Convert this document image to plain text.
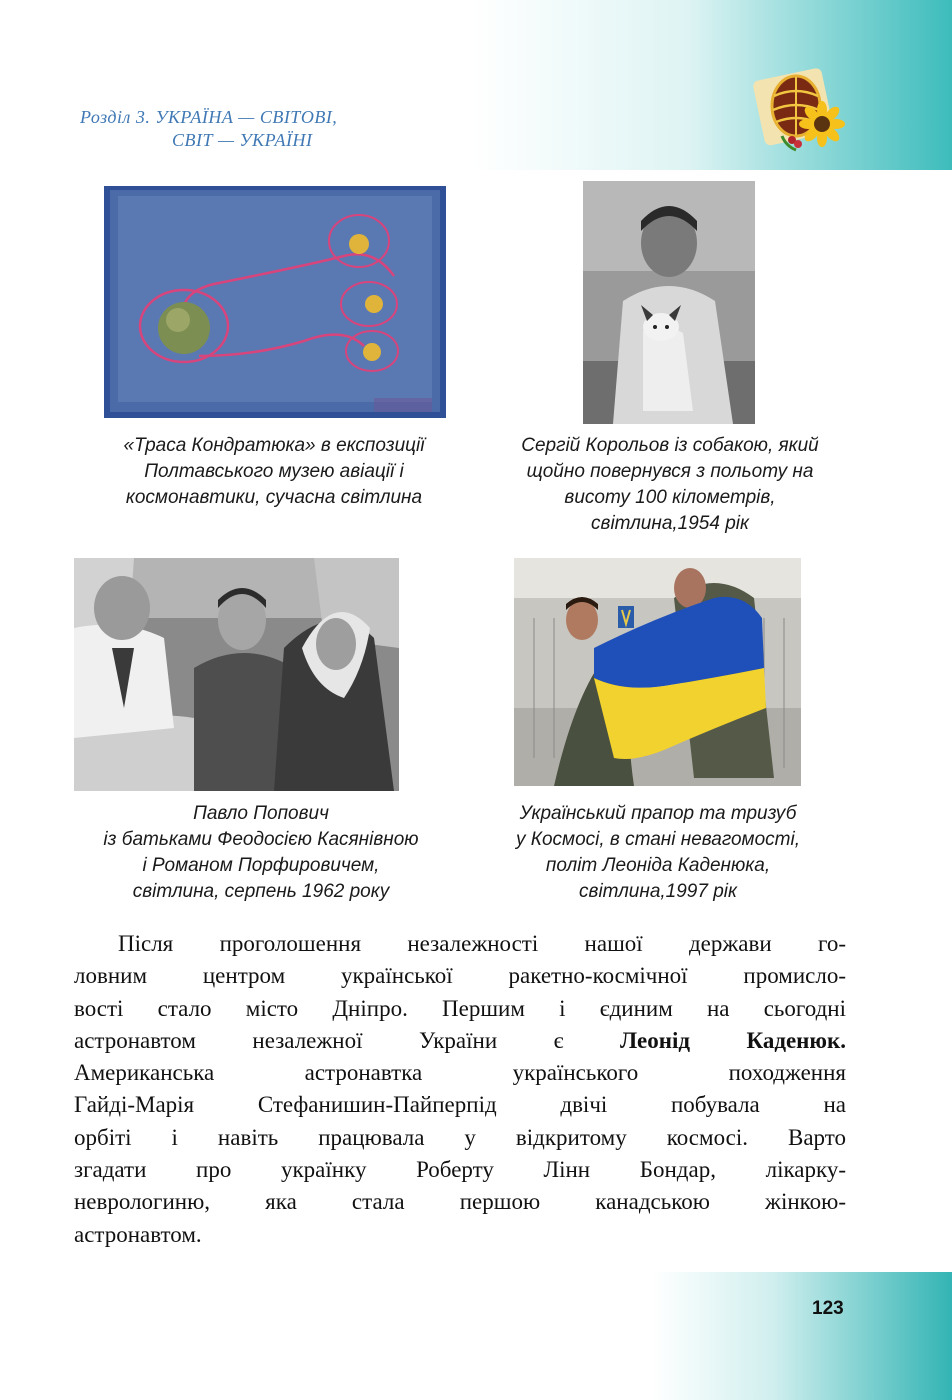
Розділ 3. УКРАЇНА — СВІТОВІ,
СВІТ — УКРАЇНІ
«Траса Кондратюка» в експозиції
Полтавського музею авіації і
космонавтики, сучасна світлина
Сергій Корольов із собакою, який
щойно повернувся з польоту на
висоту 100 кілометрів,
світлина,1954 рік
Павло Попович
із батьками Феодосією Касянівною
і Романом Порфировичем,
світлина, серпень 1962 року
Український прапор та тризуб
у Космосі, в стані невагомості,
політ Леоніда Каденюка,
світлина,1997 рік
Після проголошення незалежності нашої держави го-
ловним центром української ракетно-космічної промисло-
вості стало місто Дніпро. Першим і єдиним на сьогодні
астронавтом незалежної України є Леонід Каденюк.
Американська астронавтка українського походження
Гайді-Марія Стефанишин-Пайперпід двічі побувала на
орбіті і навіть працювала у відкритому космосі. Варто
згадати про українку Роберту Лінн Бондар, лікарку-
неврологиню, яка стала першою канадською жінкою-
астронавтом.
123
